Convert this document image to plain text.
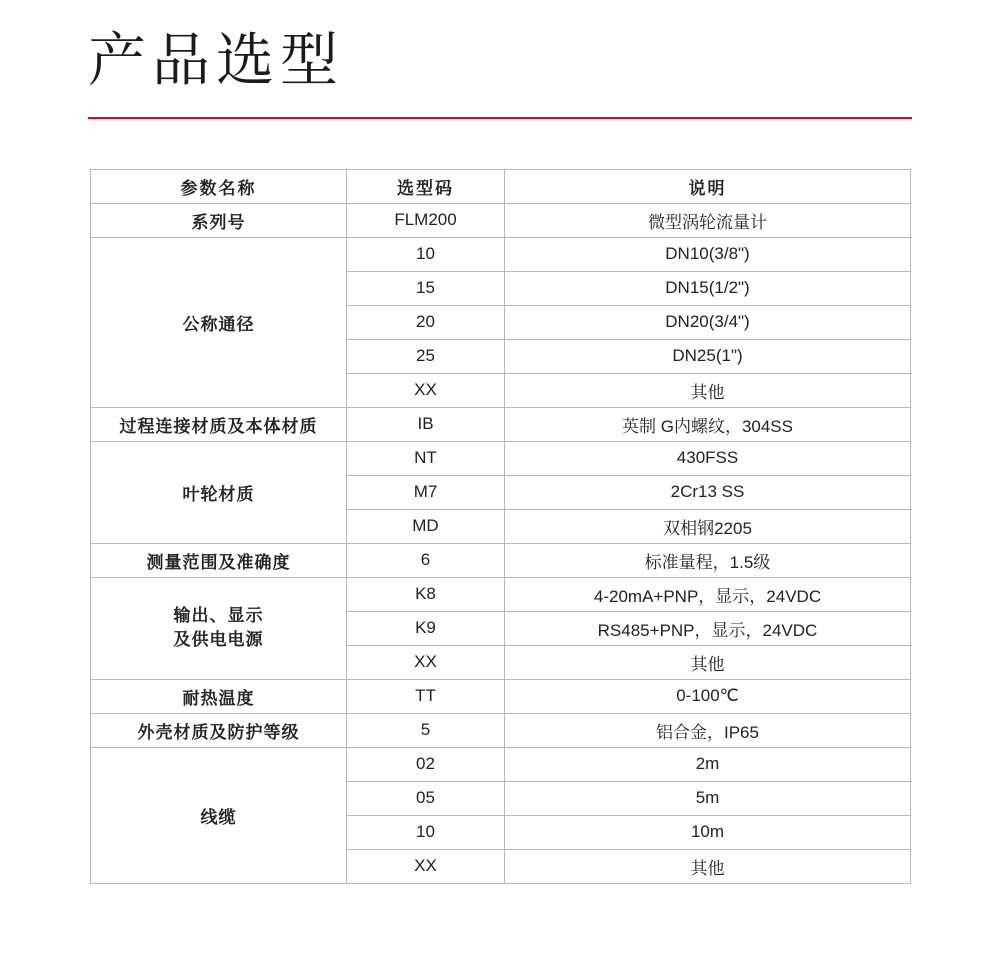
产品选型
参数名称	选型码	说明
系列号	FLM200	微型涡轮流量计
公称通径	10	DN10(3/8")
	15	DN15(1/2")
	20	DN20(3/4")
	25	DN25(1")
	XX	其他
过程连接材质及本体材质	IB	英制 G内螺纹，304SS
叶轮材质	NT	430FSS
	M7	2Cr13 SS
	MD	双相钢2205
测量范围及准确度	6	标准量程，1.5级

输出、显示
及供电电源	K8	4-20mA+PNP，显示，24VDC
	K9	RS485+PNP，显示，24VDC
	XX	其他
耐热温度	TT	0-100℃
外壳材质及防护等级	5	铝合金，IP65
线缆	02	2m
	05	5m
	10	10m
	XX	其他
